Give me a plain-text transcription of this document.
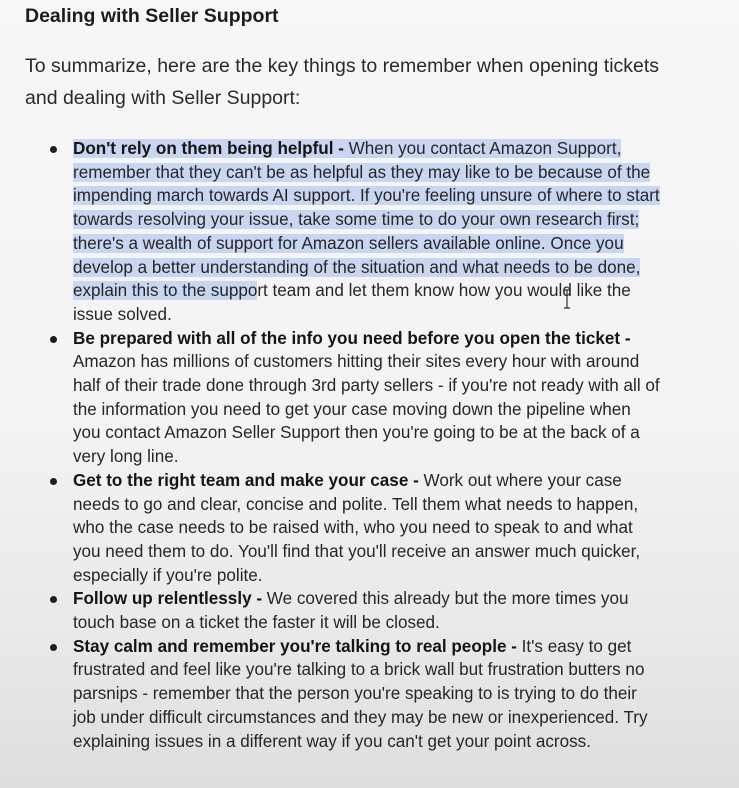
Dealing with Seller Support

To summarize, here are the key things to remember when opening tickets and dealing with Seller Support:

Don't rely on them being helpful - When you contact Amazon Support, remember that they can't be as helpful as they may like to be because of the impending march towards AI support. If you're feeling unsure of where to start towards resolving your issue, take some time to do your own research first; there's a wealth of support for Amazon sellers available online. Once you develop a better understanding of the situation and what needs to be done, explain this to the support team and let them know how you would like the issue solved.
Be prepared with all of the info you need before you open the ticket - Amazon has millions of customers hitting their sites every hour with around half of their trade done through 3rd party sellers - if you're not ready with all of the information you need to get your case moving down the pipeline when you contact Amazon Seller Support then you're going to be at the back of a very long line.
Get to the right team and make your case - Work out where your case needs to go and clear, concise and polite. Tell them what needs to happen, who the case needs to be raised with, who you need to speak to and what you need them to do. You'll find that you'll receive an answer much quicker, especially if you're polite.
Follow up relentlessly - We covered this already but the more times you touch base on a ticket the faster it will be closed.
Stay calm and remember you're talking to real people - It's easy to get frustrated and feel like you're talking to a brick wall but frustration butters no parsnips - remember that the person you're speaking to is trying to do their job under difficult circumstances and they may be new or inexperienced. Try explaining issues in a different way if you can't get your point across.
